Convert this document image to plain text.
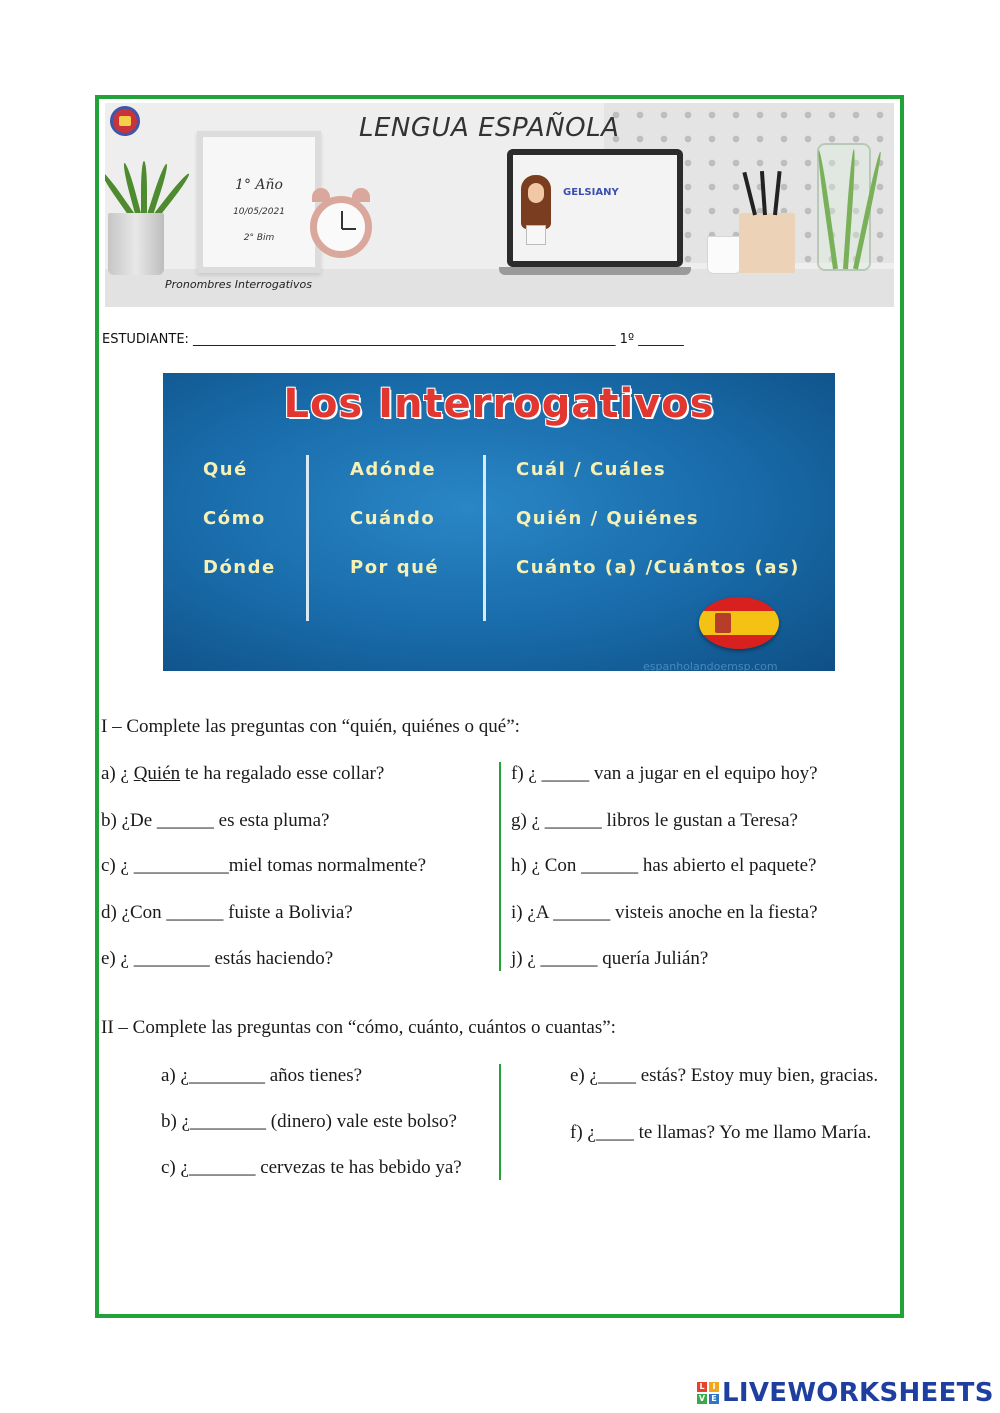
LENGUA ESPAÑOLA
1° Año
10/05/2021
2° Bim
GELSIANY
Pronombres Interrogativos
ESTUDIANTE: _________________________________________________________________ 1º _______
Los Interrogativos
Qué
Cómo
Dónde
Adónde
Cuándo
Por qué
Cuál / Cuáles
Quién / Quiénes
Cuánto (a) /Cuántos (as)
espanholandoemsp.com
I – Complete las preguntas con “quién, quiénes o qué”:
a) ¿ Quién te ha regalado esse collar?
b) ¿De ______ es esta pluma?
c) ¿ __________miel tomas normalmente?
d) ¿Con ______ fuiste a Bolivia?
e) ¿ ________ estás haciendo?
f) ¿ _____ van a jugar en el equipo hoy?
g) ¿ ______ libros le gustan a Teresa?
h) ¿ Con ______ has abierto el paquete?
i) ¿A ______ visteis anoche en la fiesta?
j) ¿ ______ quería Julián?
II – Complete las preguntas con “cómo, cuánto, cuántos o cuantas”:
a) ¿________ años tienes?
b) ¿________ (dinero) vale este bolso?
c) ¿_______ cervezas te has bebido ya?
e) ¿____ estás? Estoy muy bien, gracias.
f) ¿____ te llamas? Yo me llamo María.
L I
V E LIVEWORKSHEETS
